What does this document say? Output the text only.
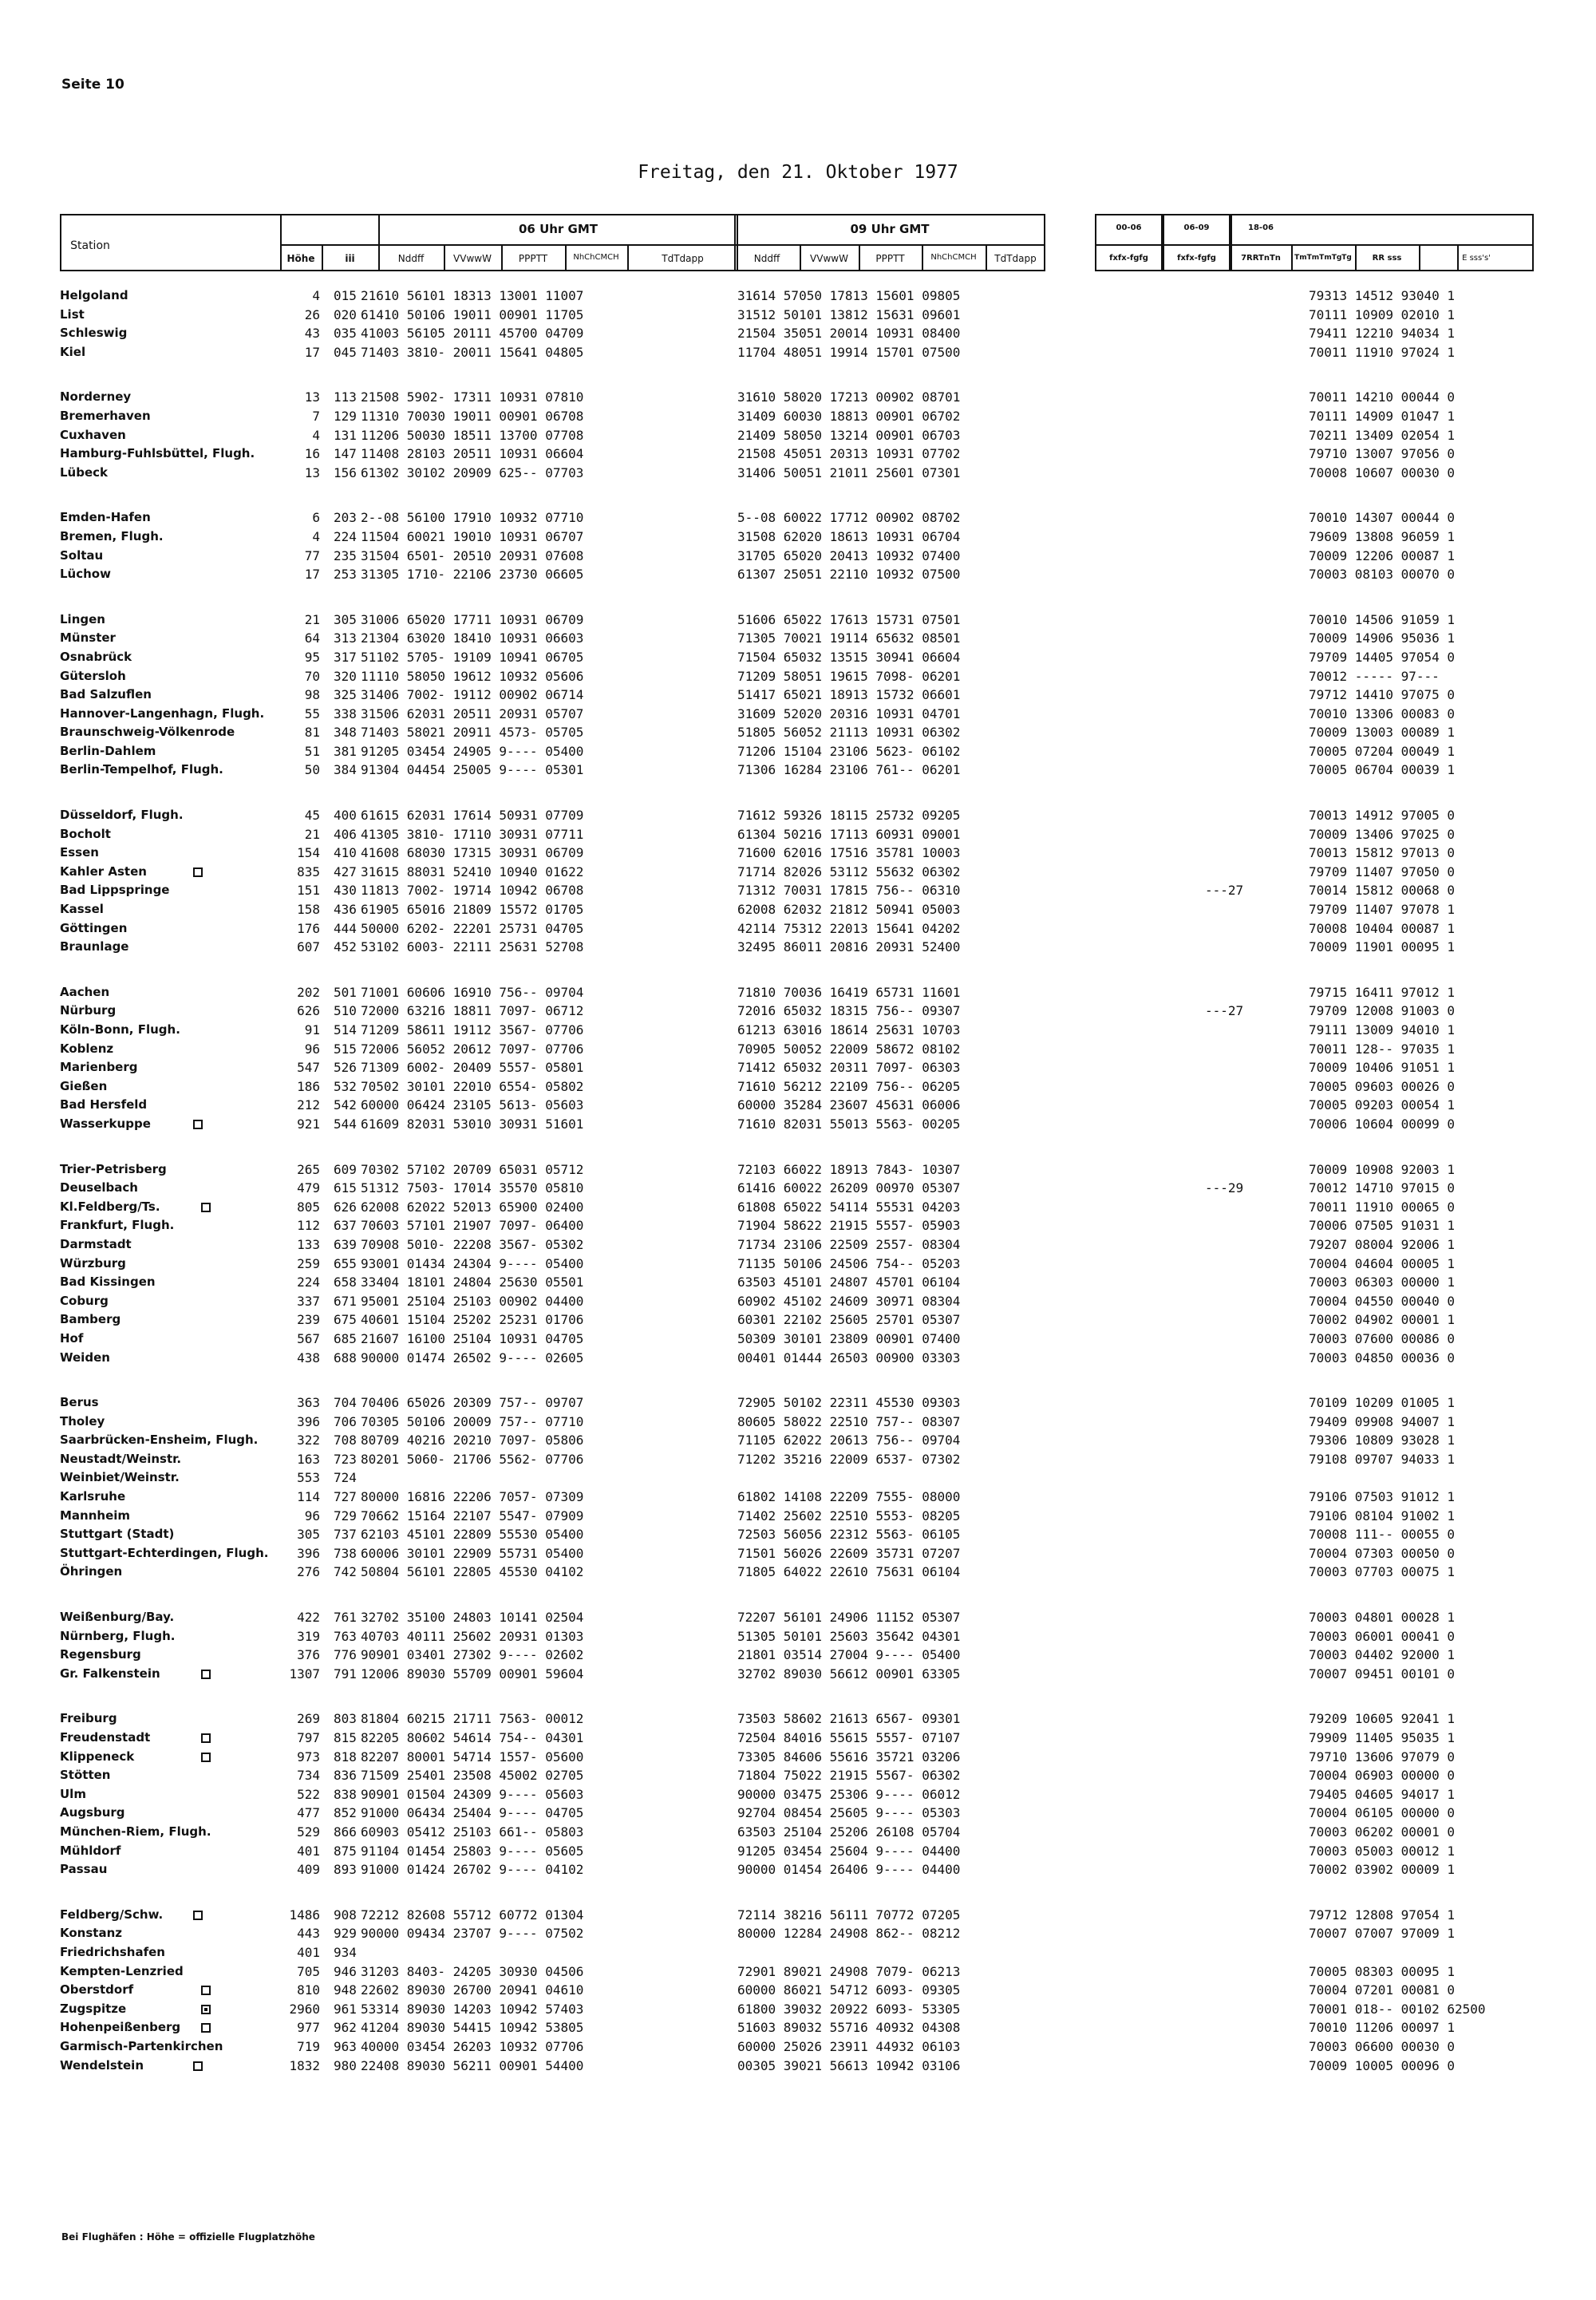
Seite 10
Freitag, den 21. Oktober 1977
Station
Höhe	iii
06 Uhr GMT
Nddff	VVwwW	PPPTT	NhChCMCH	TdTdapp
09 Uhr GMT
Nddff	VVwwW	PPPTT	NhChCMCH	TdTdapp
00-06	06-09	18-06
fxfx-fgfg	fxfx-fgfg	7RRTnTn	TmTmTmTgTg	RR sss	E sss's'
Helgoland	4 015 21610 56101 18313 13001 11007	31614 57050 17813 15601 09805	79313 14512 93040 1
List	26 020 61410 50106 19011 00901 11705	31512 50101 13812 15631 09601	70111 10909 02010 1
Schleswig	43 035 41003 56105 20111 45700 04709	21504 35051 20014 10931 08400	79411 12210 94034 1
Kiel	17 045 71403 3810- 20011 15641 04805	11704 48051 19914 15701 07500	70011 11910 97024 1
Norderney	13 113 21508 5902- 17311 10931 07810	31610 58020 17213 00902 08701	70011 14210 00044 0
Bremerhaven	7 129 11310 70030 19011 00901 06708	31409 60030 18813 00901 06702	70111 14909 01047 1
Cuxhaven	4 131 11206 50030 18511 13700 07708	21409 58050 13214 00901 06703	70211 13409 02054 1
Hamburg-Fuhlsbüttel, Flugh.	16 147 11408 28103 20511 10931 06604	21508 45051 20313 10931 07702	79710 13007 97056 0
Lübeck	13 156 61302 30102 20909 625-- 07703	31406 50051 21011 25601 07301	70008 10607 00030 0
Emden-Hafen	6 203 2--08 56100 17910 10932 07710	5--08 60022 17712 00902 08702	70010 14307 00044 0
Bremen, Flugh.	4 224 11504 60021 19010 10931 06707	31508 62020 18613 10931 06704	79609 13808 96059 1
Soltau	77 235 31504 6501- 20510 20931 07608	31705 65020 20413 10932 07400	70009 12206 00087 1
Lüchow	17 253 31305 1710- 22106 23730 06605	61307 25051 22110 10932 07500	70003 08103 00070 0
Lingen	21 305 31006 65020 17711 10931 06709	51606 65022 17613 15731 07501	70010 14506 91059 1
Münster	64 313 21304 63020 18410 10931 06603	71305 70021 19114 65632 08501	70009 14906 95036 1
Osnabrück	95 317 51102 5705- 19109 10941 06705	71504 65032 13515 30941 06604	79709 14405 97054 0
Gütersloh	70 320 11110 58050 19612 10932 05606	71209 58051 19615 7098- 06201	70012 ----- 97---
Bad Salzuflen	98 325 31406 7002- 19112 00902 06714	51417 65021 18913 15732 06601	79712 14410 97075 0
Hannover-Langenhagn, Flugh.	55 338 31506 62031 20511 20931 05707	31609 52020 20316 10931 04701	70010 13306 00083 0
Braunschweig-Völkenrode	81 348 71403 58021 20911 4573- 05705	51805 56052 21113 10931 06302	70009 13003 00089 1
Berlin-Dahlem	51 381 91205 03454 24905 9---- 05400	71206 15104 23106 5623- 06102	70005 07204 00049 1
Berlin-Tempelhof, Flugh.	50 384 91304 04454 25005 9---- 05301	71306 16284 23106 761-- 06201	70005 06704 00039 1
Düsseldorf, Flugh.	45 400 61615 62031 17614 50931 07709	71612 59326 18115 25732 09205	70013 14912 97005 0
Bocholt	21 406 41305 3810- 17110 30931 07711	61304 50216 17113 60931 09001	70009 13406 97025 0
Essen	154 410 41608 68030 17315 30931 06709	71600 62016 17516 35781 10003	70013 15812 97013 0
Kahler Asten	835 427 31615 88031 52410 10940 01622	71714 82026 53112 55632 06302	79709 11407 97050 0
Bad Lippspringe	151 430 11813 7002- 19714 10942 06708	71312 70031 17815 756-- 06310	---27	70014 15812 00068 0
Kassel	158 436 61905 65016 21809 15572 01705	62008 62032 21812 50941 05003	79709 11407 97078 1
Göttingen	176 444 50000 6202- 22201 25731 04705	42114 75312 22013 15641 04202	70008 10404 00087 1
Braunlage	607 452 53102 6003- 22111 25631 52708	32495 86011 20816 20931 52400	70009 11901 00095 1
Aachen	202 501 71001 60606 16910 756-- 09704	71810 70036 16419 65731 11601	79715 16411 97012 1
Nürburg	626 510 72000 63216 18811 7097- 06712	72016 65032 18315 756-- 09307	---27	79709 12008 91003 0
Köln-Bonn, Flugh.	91 514 71209 58611 19112 3567- 07706	61213 63016 18614 25631 10703	79111 13009 94010 1
Koblenz	96 515 72006 56052 20612 7097- 07706	70905 50052 22009 58672 08102	70011 128-- 97035 1
Marienberg	547 526 71309 6002- 20409 5557- 05801	71412 65032 20311 7097- 06303	70009 10406 91051 1
Gießen	186 532 70502 30101 22010 6554- 05802	71610 56212 22109 756-- 06205	70005 09603 00026 0
Bad Hersfeld	212 542 60000 06424 23105 5613- 05603	60000 35284 23607 45631 06006	70005 09203 00054 1
Wasserkuppe	921 544 61609 82031 53010 30931 51601	71610 82031 55013 5563- 00205	70006 10604 00099 0
Trier-Petrisberg	265 609 70302 57102 20709 65031 05712	72103 66022 18913 7843- 10307	70009 10908 92003 1
Deuselbach	479 615 51312 7503- 17014 35570 05810	61416 60022 26209 00970 05307	---29	70012 14710 97015 0
Kl.Feldberg/Ts.	805 626 62008 62022 52013 65900 02400	61808 65022 54114 55531 04203	70011 11910 00065 0
Frankfurt, Flugh.	112 637 70603 57101 21907 7097- 06400	71904 58622 21915 5557- 05903	70006 07505 91031 1
Darmstadt	133 639 70908 5010- 22208 3567- 05302	71734 23106 22509 2557- 08304	79207 08004 92006 1
Würzburg	259 655 93001 01434 24304 9---- 05400	71135 50106 24506 754-- 05203	70004 04604 00005 1
Bad Kissingen	224 658 33404 18101 24804 25630 05501	63503 45101 24807 45701 06104	70003 06303 00000 1
Coburg	337 671 95001 25104 25103 00902 04400	60902 45102 24609 30971 08304	70004 04550 00040 0
Bamberg	239 675 40601 15104 25202 25231 01706	60301 22102 25605 25701 05307	70002 04902 00001 1
Hof	567 685 21607 16100 25104 10931 04705	50309 30101 23809 00901 07400	70003 07600 00086 0
Weiden	438 688 90000 01474 26502 9---- 02605	00401 01444 26503 00900 03303	70003 04850 00036 0
Berus	363 704 70406 65026 20309 757-- 09707	72905 50102 22311 45530 09303	70109 10209 01005 1
Tholey	396 706 70305 50106 20009 757-- 07710	80605 58022 22510 757-- 08307	79409 09908 94007 1
Saarbrücken-Ensheim, Flugh.	322 708 80709 40216 20210 7097- 05806	71105 62022 20613 756-- 09704	79306 10809 93028 1
Neustadt/Weinstr.	163 723 80201 5060- 21706 5562- 07706	71202 35216 22009 6537- 07302	79108 09707 94033 1
Weinbiet/Weinstr.	553 724
Karlsruhe	114 727 80000 16816 22206 7057- 07309	61802 14108 22209 7555- 08000	79106 07503 91012 1
Mannheim	96 729 70662 15164 22107 5547- 07909	71402 25602 22510 5553- 08205	79106 08104 91002 1
Stuttgart (Stadt)	305 737 62103 45101 22809 55530 05400	72503 56056 22312 5563- 06105	70008 111-- 00055 0
Stuttgart-Echterdingen, Flugh.	396 738 60006 30101 22909 55731 05400	71501 56026 22609 35731 07207	70004 07303 00050 0
Öhringen	276 742 50804 56101 22805 45530 04102	71805 64022 22610 75631 06104	70003 07703 00075 1
Weißenburg/Bay.	422 761 32702 35100 24803 10141 02504	72207 56101 24906 11152 05307	70003 04801 00028 1
Nürnberg, Flugh.	319 763 40703 40111 25602 20931 01303	51305 50101 25603 35642 04301	70003 06001 00041 0
Regensburg	376 776 90901 03401 27302 9---- 02602	21801 03514 27004 9---- 05400	70003 04402 92000 1
Gr. Falkenstein	1307 791 12006 89030 55709 00901 59604	32702 89030 56612 00901 63305	70007 09451 00101 0
Freiburg	269 803 81804 60215 21711 7563- 00012	73503 58602 21613 6567- 09301	79209 10605 92041 1
Freudenstadt	797 815 82205 80602 54614 754-- 04301	72504 84016 55615 5557- 07107	79909 11405 95035 1
Klippeneck	973 818 82207 80001 54714 1557- 05600	73305 84606 55616 35721 03206	79710 13606 97079 0
Stötten	734 836 71509 25401 23508 45002 02705	71804 75022 21915 5567- 06302	70004 06903 00000 0
Ulm	522 838 90901 01504 24309 9---- 05603	90000 03475 25306 9---- 06012	79405 04605 94017 1
Augsburg	477 852 91000 06434 25404 9---- 04705	92704 08454 25605 9---- 05303	70004 06105 00000 0
München-Riem, Flugh.	529 866 60903 05412 25103 661-- 05803	63503 25104 25206 26108 05704	70003 06202 00001 0
Mühldorf	401 875 91104 01454 25803 9---- 05605	91205 03454 25604 9---- 04400	70003 05003 00012 1
Passau	409 893 91000 01424 26702 9---- 04102	90000 01454 26406 9---- 04400	70002 03902 00009 1
Feldberg/Schw.	1486 908 72212 82608 55712 60772 01304	72114 38216 56111 70772 07205	79712 12808 97054 1
Konstanz	443 929 90000 09434 23707 9---- 07502	80000 12284 24908 862-- 08212	70007 07007 97009 1
Friedrichshafen	401 934
Kempten-Lenzried	705 946 31203 8403- 24205 30930 04506	72901 89021 24908 7079- 06213	70005 08303 00095 1
Oberstdorf	810 948 22602 89030 26700 20941 04610	60000 86021 54712 6093- 09305	70004 07201 00081 0
Zugspitze	2960 961 53314 89030 14203 10942 57403	61800 39032 20922 6093- 53305	70001 018-- 00102 62500
Hohenpeißenberg	977 962 41204 89030 54415 10942 53805	51603 89032 55716 40932 04308	70010 11206 00097 1
Garmisch-Partenkirchen	719 963 40000 03454 26203 10932 07706	60000 25026 23911 44932 06103	70003 06600 00030 0
Wendelstein	1832 980 22408 89030 56211 00901 54400	00305 39021 56613 10942 03106	70009 10005 00096 0
Bei Flughäfen : Höhe = offizielle Flugplatzhöhe
